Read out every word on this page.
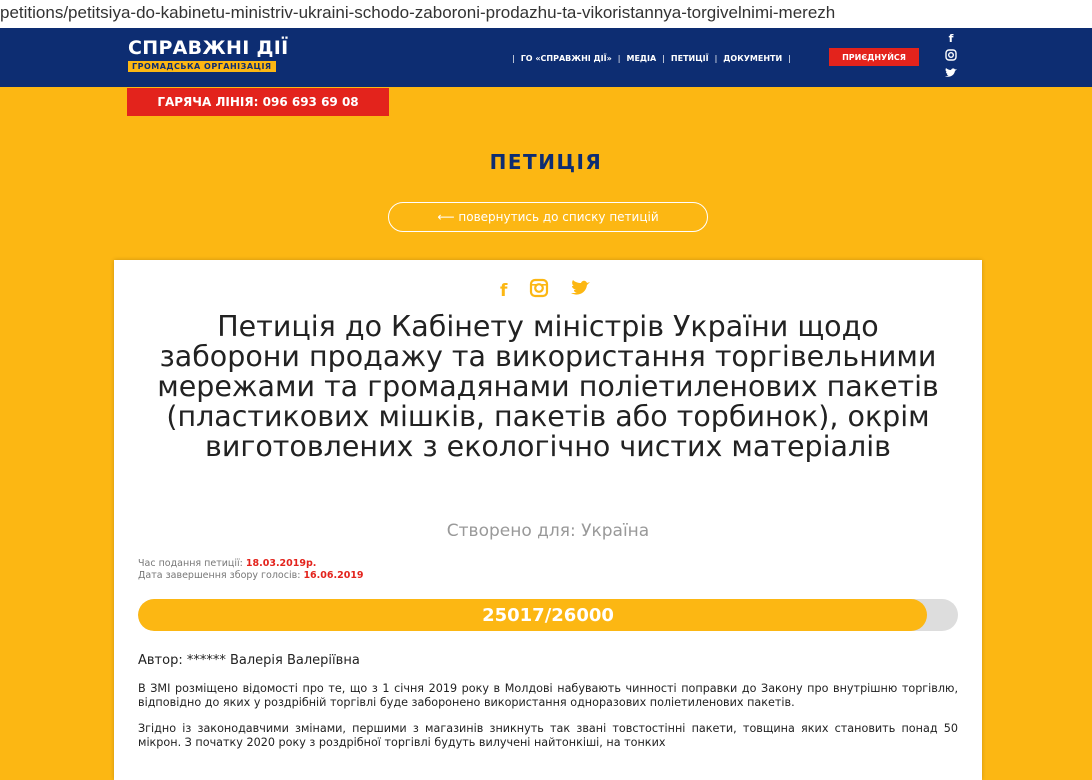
petitions/petitsiya-do-kabinetu-ministriv-ukraini-schodo-zaboroni-prodazhu-ta-vikoristannya-torgivelnimi-merezh
СПРАВЖНІ ДІЇ
ГРОМАДСЬКА ОРГАНІЗАЦІЯ
| ГО «СПРАВЖНІ ДІЇ» | МЕДІА | ПЕТИЦІЇ | ДОКУМЕНТИ |	ПРИЄДНУЙСЯ
f
ГАРЯЧА ЛІНІЯ: 096 693 69 08
ПЕТИЦІЯ
⟵ повернутись до списку петицій
f
Петиція до Кабінету міністрів України щодо заборони продажу та використання торгівельними мережами та громадянами поліетиленових пакетів (пластикових мішків, пакетів або торбинок), окрім виготовлених з екологічно чистих матеріалів
Створено для: Україна
Час подання петиції: 18.03.2019р.
Дата завершення збору голосів: 16.06.2019
25017/26000
Автор: ****** Валерія Валеріївна

В ЗМІ розміщено відомості про те, що з 1 січня 2019 року в Молдові набувають чинності поправки до Закону про внутрішню торгівлю, відповідно до яких у роздрібній торгівлі буде заборонено використання одноразових поліетиленових пакетів.

Згідно із законодавчими змінами, першими з магазинів зникнуть так звані товстостінні пакети, товщина яких становить понад 50 мікрон. З початку 2020 року з роздрібної торгівлі будуть вилучені найтонкіші, на тонких
